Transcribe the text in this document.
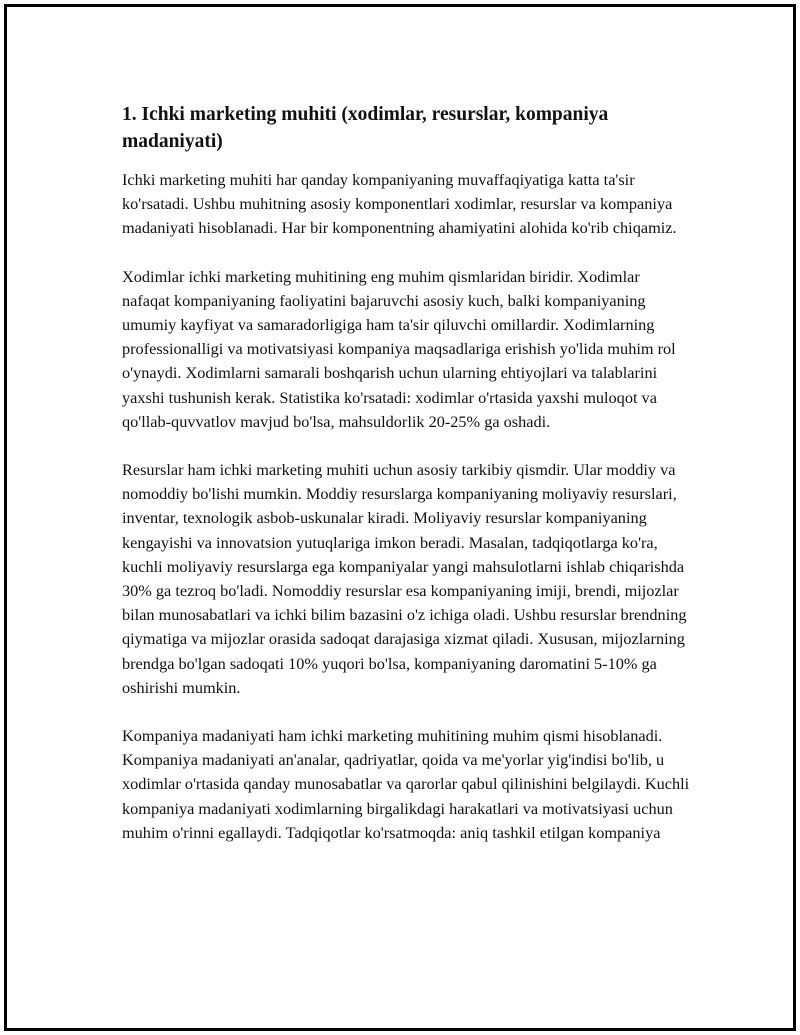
1. Ichki marketing muhiti (xodimlar, resurslar, kompaniya madaniyati)

Ichki marketing muhiti har qanday kompaniyaning muvaffaqiyatiga katta ta'sir ko'rsatadi. Ushbu muhitning asosiy komponentlari xodimlar, resurslar va kompaniya madaniyati hisoblanadi. Har bir komponentning ahamiyatini alohida ko'rib chiqamiz.

Xodimlar ichki marketing muhitining eng muhim qismlaridan biridir. Xodimlar nafaqat kompaniyaning faoliyatini bajaruvchi asosiy kuch, balki kompaniyaning umumiy kayfiyat va samaradorligiga ham ta'sir qiluvchi omillardir. Xodimlarning professionalligi va motivatsiyasi kompaniya maqsadlariga erishish yo'lida muhim rol o'ynaydi. Xodimlarni samarali boshqarish uchun ularning ehtiyojlari va talablarini yaxshi tushunish kerak. Statistika ko'rsatadi: xodimlar o'rtasida yaxshi muloqot va qo'llab-quvvatlov mavjud bo'lsa, mahsuldorlik 20-25% ga oshadi.

Resurslar ham ichki marketing muhiti uchun asosiy tarkibiy qismdir. Ular moddiy va nomoddiy bo'lishi mumkin. Moddiy resurslarga kompaniyaning moliyaviy resurslari, inventar, texnologik asbob-uskunalar kiradi. Moliyaviy resurslar kompaniyaning kengayishi va innovatsion yutuqlariga imkon beradi. Masalan, tadqiqotlarga ko'ra, kuchli moliyaviy resurslarga ega kompaniyalar yangi mahsulotlarni ishlab chiqarishda 30% ga tezroq bo'ladi. Nomoddiy resurslar esa kompaniyaning imiji, brendi, mijozlar bilan munosabatlari va ichki bilim bazasini o'z ichiga oladi. Ushbu resurslar brendning qiymatiga va mijozlar orasida sadoqat darajasiga xizmat qiladi. Xususan, mijozlarning brendga bo'lgan sadoqati 10% yuqori bo'lsa, kompaniyaning daromatini 5-10% ga oshirishi mumkin.

Kompaniya madaniyati ham ichki marketing muhitining muhim qismi hisoblanadi. Kompaniya madaniyati an'analar, qadriyatlar, qoida va me'yorlar yig'indisi bo'lib, u xodimlar o'rtasida qanday munosabatlar va qarorlar qabul qilinishini belgilaydi. Kuchli kompaniya madaniyati xodimlarning birgalikdagi harakatlari va motivatsiyasi uchun muhim o'rinni egallaydi. Tadqiqotlar ko'rsatmoqda: aniq tashkil etilgan kompaniya
